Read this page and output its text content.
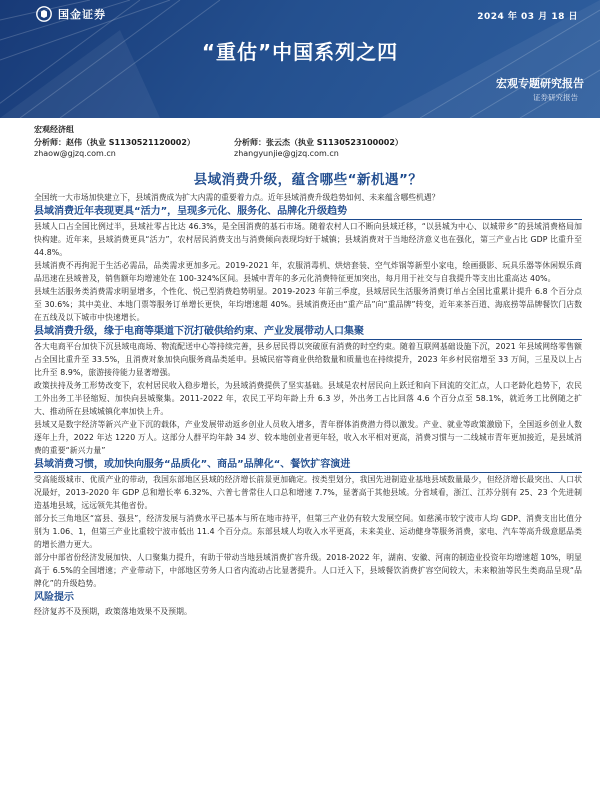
国金证券	2024 年 03 月 18 日
“重估”中国系列之四
宏观专题研究报告
证券研究报告
宏观经济组
分析师：赵伟（执业 S1130521120002）
zhaow@gjzq.com.cn
分析师：张云杰（执业 S1130523100002）
zhangyunjie@gjzq.com.cn
县域消费升级，蕴含哪些“新机遇”？
全国统一大市场加快建立下，县域消费成为扩大内需的重要着力点。近年县域消费升级趋势如何、未来蕴含哪些机遇？
县域消费近年表现更具“活力”，呈现多元化、服务化、品牌化升级趋势

县域人口占全国比例过半，县域社零占比达 46.3%，是全国消费的基石市场。随着农村人口不断向县域迁移，“以县城为中心、以城带乡”的县域消费格局加快构建。近年来，县域消费更具“活力”，农村居民消费支出与消费倾向表现均好于城镇；县域消费对于当地经济意义也在强化，第三产业占比 GDP 比重升至 44.8%。

县域消费不再拘泥于生活必需品，品类需求更加多元。2019-2021 年，农服消毒机、烘焙套装、空气炸锅等新型小家电，绘画摄影、玩具乐器等休闲娱乐商品迅速在县域普及，销售额年均增速处在 100-324%区间。县城中青年的多元化消费特征更加突出，每月用于社交与自我提升等支出比重高达 40%。

县域生活服务类消费需求明显增多，个性化、悦己型消费趋势明显。2019-2023 年前三季度，县域居民生活服务消费订单占全国比重累计提升 6.8 个百分点至 30.6%；其中美业、本地门票等服务订单增长更快，年均增速超 40%。县域消费还由“重产品”向“重品牌”转变，近年来茶百道、海底捞等品牌餐饮门店数在五线及以下城市中快速增长。

县域消费升级，缘于电商等渠道下沉打破供给约束、产业发展带动人口集聚

各大电商平台加快下沉县域电商场、物流配送中心等持续完善，县乡居民得以突破原有消费的时空约束。随着互联网基础设施下沉，2021 年县域网络零售额占全国比重升至 33.5%，且消费对象加快向服务商品类延申。县城民宿等商业供给数量和质量也在持续提升，2023 年乡村民宿增至 33 万间，三星及以上占比升至 8.9%，旅游接待能力显著增强。

政策扶持及务工形势改变下，农村居民收入稳步增长，为县域消费提供了坚实基础。县域是农村居民向上跃迁和向下回流的交汇点，人口老龄化趋势下，农民工外出务工半径缩短、加快向县城聚集。2011-2022 年，农民工平均年龄上升 6.3 岁，外出务工占比回落 4.6 个百分点至 58.1%，就近务工比例随之扩大、推动所在县域城镇化率加快上升。

县域又是数字经济等新兴产业下沉的载体，产业发展带动返乡创业人员收入增多，青年群体消费潜力得以激发。产业、就业等政策激励下，全国返乡创业人数逐年上升，2022 年达 1220 万人。这部分人群平均年龄 34 岁、较本地创业者更年轻，收入水平相对更高，消费习惯与一二线城市青年更加接近，是县域消费的重要“新兴力量”

县域消费习惯，或加快向服务“品质化”、商品”品牌化“、餐饮扩容演进

受高能级城市、优质产业的带动，我国东部地区县域的经济增长前景更加确定。按类型划分，我国先进制造业基地县域数量最少，但经济增长最突出、人口状况最好，2013-2020 年 GDP 总和增长率 6.32%、六普七普常住人口总和增速 7.7%，显著高于其他县域。分省域看，浙江、江苏分别有 25、23 个先进制造基地县域，远远领先其他省份。

部分长三角地区“富县、强县”，经济发展与消费水平已基本与所在地市持平，但第三产业仍有较大发展空间。如慈溪市较宁波市人均 GDP、消费支出比值分别为 1.06、1，但第三产业比重较宁波市低出 11.4 个百分点。东部县域人均收入水平更高，未来美业、运动健身等服务消费，家电、汽车等高升级意愿品类的增长潜力更大。

部分中部省份经济发展加快、人口聚集力提升，有助于带动当地县域消费扩容升级。2018-2022 年，湖南、安徽、河南的制造业投资年均增速超 10%，明显高于 6.5%的全国增速；产业带动下，中部地区劳务人口省内流动占比显著提升。人口迁入下，县域餐饮消费扩容空间较大，未来粮油等民生类商品呈现“品牌化”的升级趋势。

风险提示

经济复苏不及预期，政策落地效果不及预期。
